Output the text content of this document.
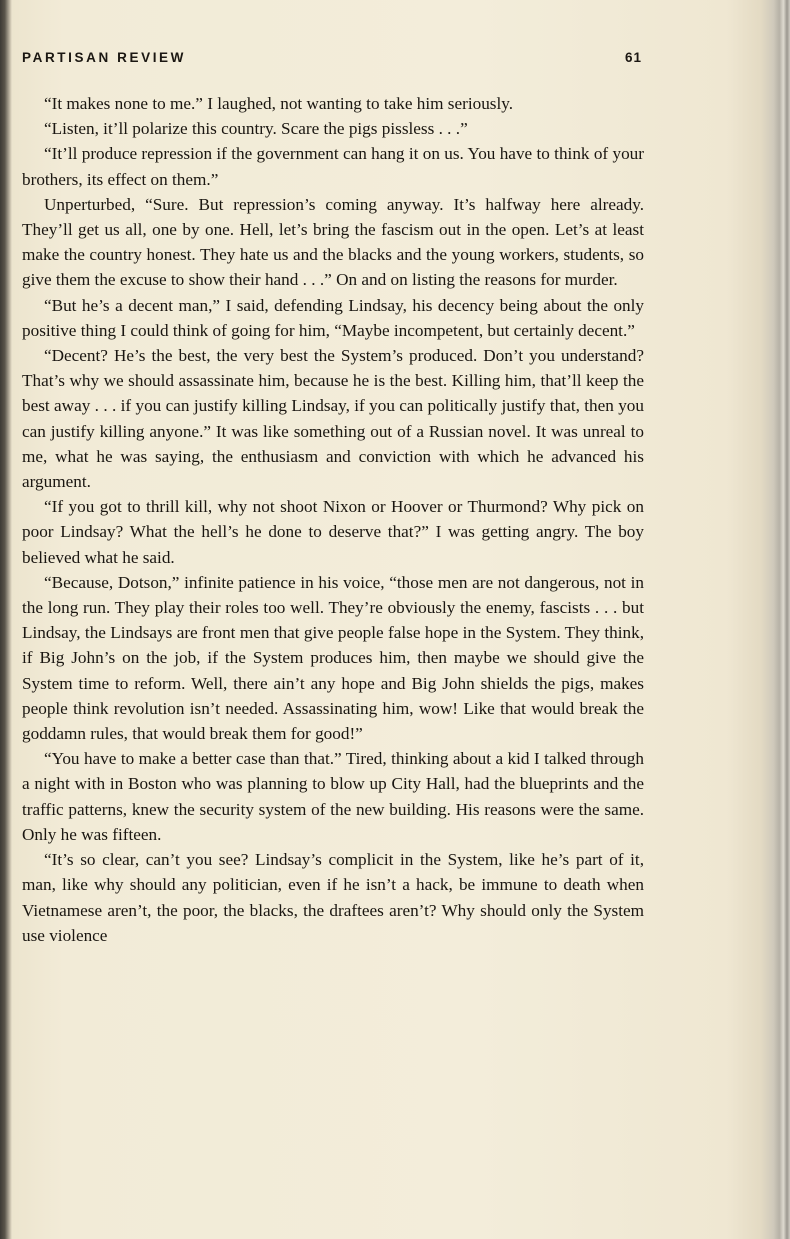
PARTISAN REVIEW	61

“It makes none to me.” I laughed, not wanting to take him seriously.

“Listen, it’ll polarize this country. Scare the pigs pissless . . .”

“It’ll produce repression if the government can hang it on us. You have to think of your brothers, its effect on them.”

Unperturbed, “Sure. But repression’s coming anyway. It’s halfway here already. They’ll get us all, one by one. Hell, let’s bring the fascism out in the open. Let’s at least make the country honest. They hate us and the blacks and the young workers, students, so give them the excuse to show their hand . . .” On and on listing the reasons for murder.

“But he’s a decent man,” I said, defending Lindsay, his decency being about the only positive thing I could think of going for him, “Maybe incompetent, but certainly decent.”

“Decent? He’s the best, the very best the System’s produced. Don’t you understand? That’s why we should assassinate him, because he is the best. Killing him, that’ll keep the best away . . . if you can justify killing Lindsay, if you can politically justify that, then you can justify killing anyone.” It was like something out of a Russian novel. It was unreal to me, what he was saying, the enthusiasm and conviction with which he advanced his argument.

“If you got to thrill kill, why not shoot Nixon or Hoover or Thurmond? Why pick on poor Lindsay? What the hell’s he done to deserve that?” I was getting angry. The boy believed what he said.

“Because, Dotson,” infinite patience in his voice, “those men are not dangerous, not in the long run. They play their roles too well. They’re obviously the enemy, fascists . . . but Lindsay, the Lindsays are front men that give people false hope in the System. They think, if Big John’s on the job, if the System produces him, then maybe we should give the System time to reform. Well, there ain’t any hope and Big John shields the pigs, makes people think revolution isn’t needed. Assassinating him, wow! Like that would break the goddamn rules, that would break them for good!”

“You have to make a better case than that.” Tired, thinking about a kid I talked through a night with in Boston who was planning to blow up City Hall, had the blueprints and the traffic patterns, knew the security system of the new building. His reasons were the same. Only he was fifteen.

“It’s so clear, can’t you see? Lindsay’s complicit in the System, like he’s part of it, man, like why should any politician, even if he isn’t a hack, be immune to death when Vietnamese aren’t, the poor, the blacks, the draftees aren’t? Why should only the System use violence
